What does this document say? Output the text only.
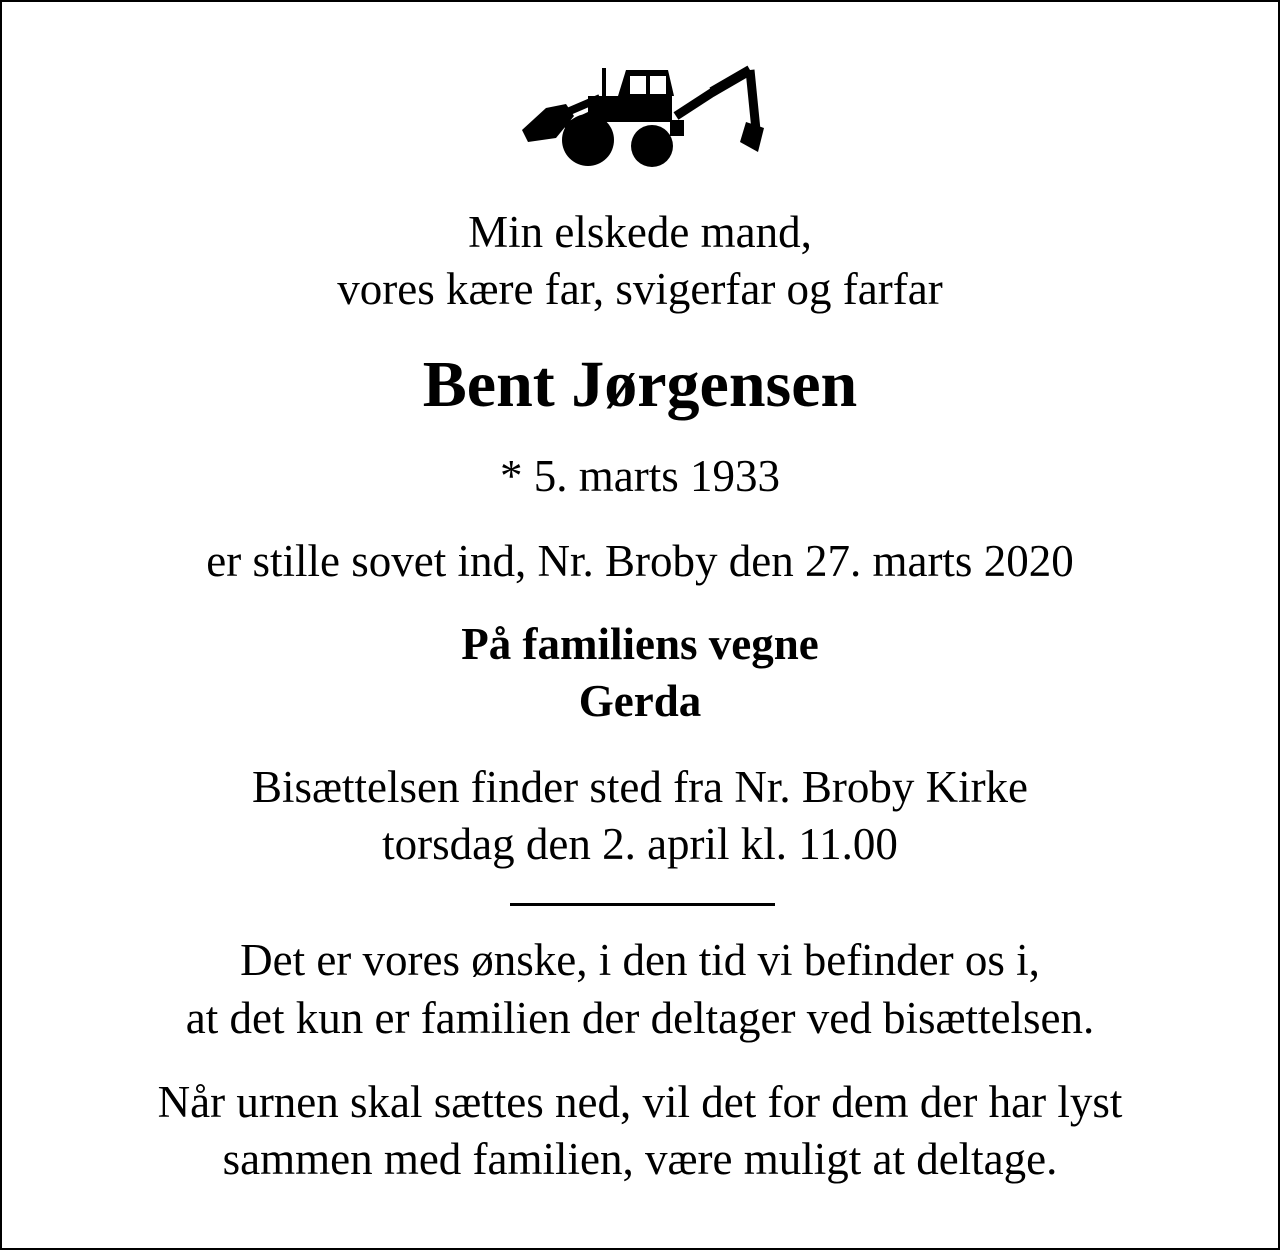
Min elskede mand,
vores kære far, svigerfar og farfar
Bent Jørgensen
* 5. marts 1933
er stille sovet ind, Nr. Broby den 27. marts 2020
På familiens vegne
Gerda
Bisættelsen finder sted fra Nr. Broby Kirke
torsdag den 2. april kl. 11.00
Det er vores ønske, i den tid vi befinder os i,
at det kun er familien der deltager ved bisættelsen.
Når urnen skal sættes ned, vil det for dem der har lyst
sammen med familien, være muligt at deltage.
